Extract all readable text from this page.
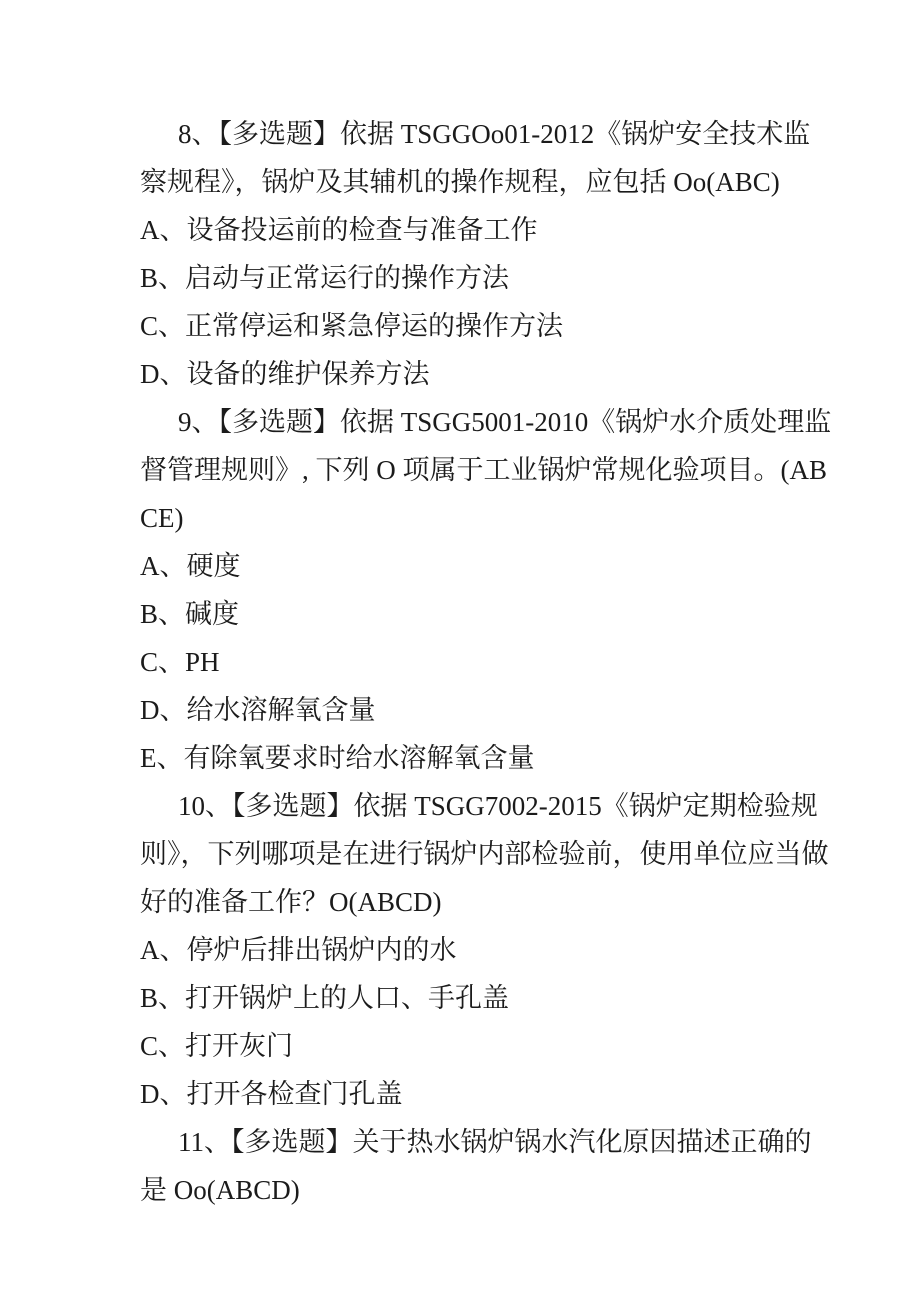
8、【多选题】依据 TSGGOo01-2012《锅炉安全技术监察规程》，锅炉及其辅机的操作规程，应包括 Oo(ABC)

A、设备投运前的检查与准备工作

B、启动与正常运行的操作方法

C、正常停运和紧急停运的操作方法

D、设备的维护保养方法

9、【多选题】依据 TSGG5001-2010《锅炉水介质处理监督管理规则》, 下列 O 项属于工业锅炉常规化验项目。(ABCE)

A、硬度

B、碱度

C、PH

D、给水溶解氧含量

E、有除氧要求时给水溶解氧含量

10、【多选题】依据 TSGG7002-2015《锅炉定期检验规则》，下列哪项是在进行锅炉内部检验前，使用单位应当做好的准备工作？O(ABCD)

A、停炉后排出锅炉内的水

B、打开锅炉上的人口、手孔盖

C、打开灰门

D、打开各检查门孔盖

11、【多选题】关于热水锅炉锅水汽化原因描述正确的是 Oo(ABCD)
